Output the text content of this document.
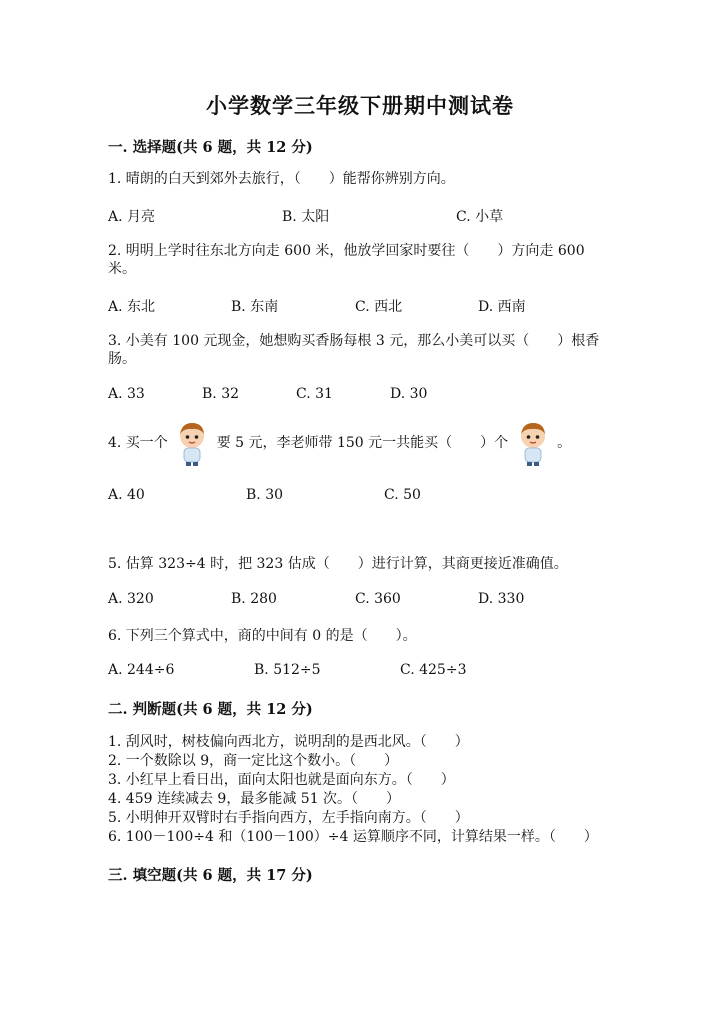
小学数学三年级下册期中测试卷
一. 选择题(共 6 题，共 12 分)
1. 晴朗的白天到郊外去旅行，（　　）能帮你辨别方向。
A. 月亮	B. 太阳	C. 小草
2. 明明上学时往东北方向走 600 米，他放学回家时要往（　　）方向走 600 米。
A. 东北	B. 东南	C. 西北	D. 西南
3. 小美有 100 元现金，她想购买香肠每根 3 元，那么小美可以买（　　）根香肠。
A. 33	B. 32	C. 31	D. 30
4. 买一个	要 5 元，李老师带 150 元一共能买（　　）个	。
A. 40	B. 30	C. 50
5. 估算 323÷4 时，把 323 估成（　　）进行计算，其商更接近准确值。
A. 320	B. 280	C. 360	D. 330
6. 下列三个算式中，商的中间有 0 的是（　　）。
A. 244÷6	B. 512÷5	C. 425÷3
二. 判断题(共 6 题，共 12 分)
1. 刮风时，树枝偏向西北方，说明刮的是西北风。（　　）
2. 一个数除以 9，商一定比这个数小。（　　）
3. 小红早上看日出，面向太阳也就是面向东方。（　　）
4. 459 连续减去 9，最多能减 51 次。（　　）
5. 小明伸开双臂时右手指向西方，左手指向南方。（　　）
6. 100－100÷4 和（100－100）÷4 运算顺序不同，计算结果一样。（　　）
三. 填空题(共 6 题，共 17 分)
